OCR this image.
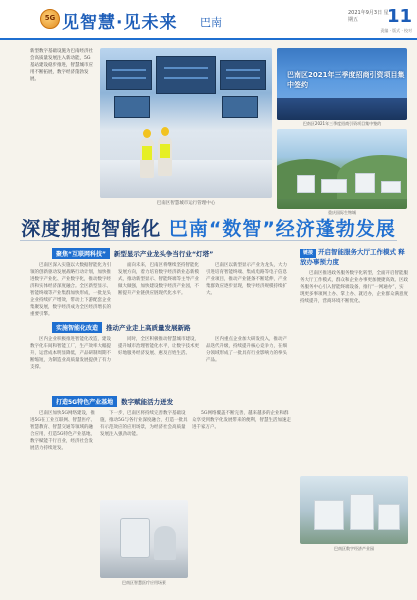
5G 见智慧·见未来 巴南	11
2021年9月3日 星期五
责编 · 版式 · 校对
新型数字基础设施为巴南经济社会高质量发展注入新动能，5G基站建设稳步推进，智慧城市应用不断拓展，数字经济蓬勃发展。
巴南区智慧城市运行管理中心
巴南区2021年三季度招商引资项目集中签约
巴南区2021年三季度招商引资项目集中签约
重庆国际生物城
深度拥抱智能化 巴南“数智”经济蓬勃发展
聚焦“互联网科技”	新型显示产业龙头争当行业“灯塔”

巴南区深入实施以大数据智能化为引领的创新驱动发展战略行动计划，加快推进数字产业化、产业数字化，推动数字经济和实体经济深度融合。全区新型显示、智能终端等产业集群加快形成，一批龙头企业持续扩产增效，带动上下游配套企业集聚发展，数字经济成为全区经济增长的重要引擎。

面向未来，巴南区将继续坚持智能化发展方向，着力培育数字经济新业态新模式，推动新型显示、智能终端等主导产业做大做强，加快建设数字经济产业园，不断提升产业链供应链现代化水平。

巴南区以新型显示产业为龙头，大力引进培育智能终端、集成电路等电子信息产业项目，推动产业链条不断延伸，产业集群效应逐步显现，数字经济规模持续扩大。

实施智能化改造	推动产业走上高质量发展新路

区内企业积极推进智能化改造，建设数字化车间和智能工厂，生产效率大幅提升，运营成本明显降低，产品研制周期不断缩短，为制造业高质量发展提供了有力支撑。

同时，全区积极推动智慧城市建设，提升城市治理智能化水平，让数字技术更好地服务经济发展、惠及百姓生活。

区内重点企业加大研发投入，推动产品迭代升级，持续提升核心竞争力，在细分领域形成了一批具有行业影响力的拳头产品。

打造5G特色产业基地	数字赋能活力迸发

巴南区加快5G网络建设，推进5G在工业互联网、智慧医疗、智慧教育、智慧交通等领域的融合应用，打造5G特色产业基地，数字赋能千行百业，经济社会发展活力持续迸发。

下一步，巴南区将持续完善数字基础设施，推动5G与各行业深度融合，打造一批具有示范效应的应用场景，为经济社会高质量发展注入强劲动能。

5G网络覆盖不断完善，越来越多的企业和群众享受到数字化发展带来的便利，智慧生活加速走进千家万户。

巴南区智慧医疗应用场景
链接 开启智能服务大厅工作模式 释放办事预力度

巴南区推进政务服务数字化转型，全面开启智能服务大厅工作模式，群众和企业办事更加便捷高效。区政务服务中心引入智能终端设备，推行“一网通办”，实现更多事项网上办、掌上办、就近办，企业群众满意度持续提升，营商环境不断优化。

巴南区数字经济产业园
